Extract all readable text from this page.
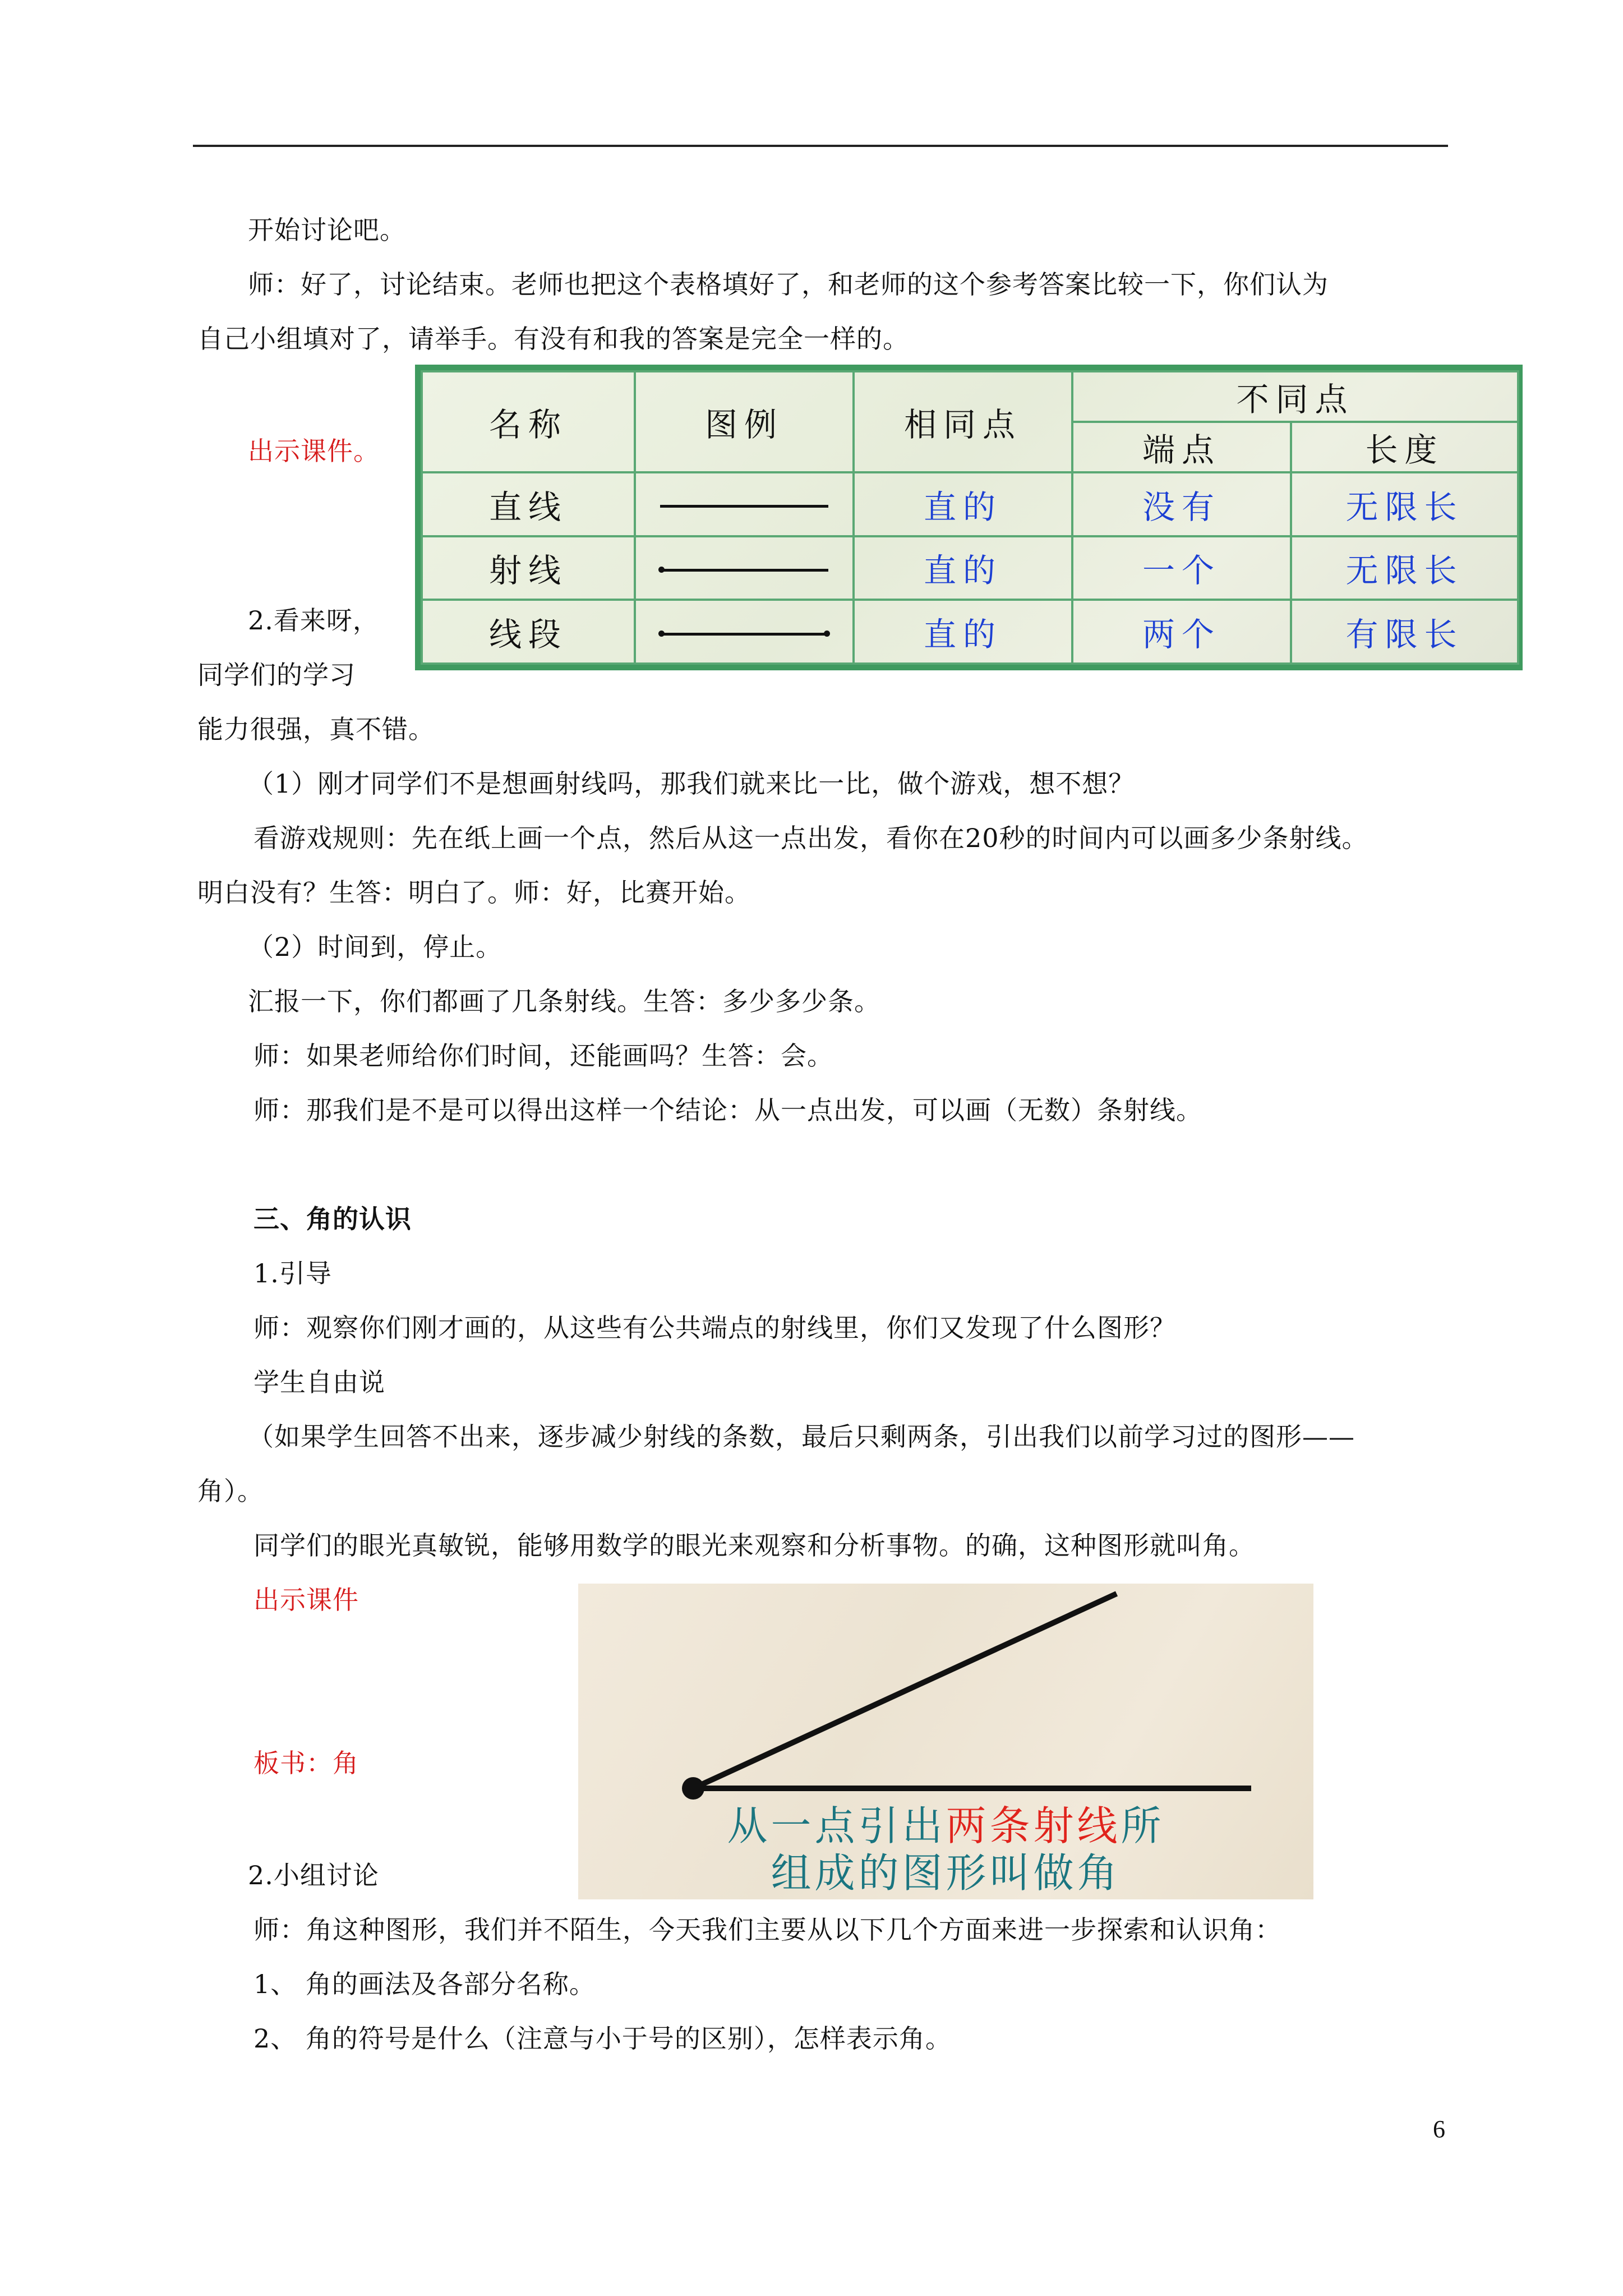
开始讨论吧。
师：好了，讨论结束。老师也把这个表格填好了，和老师的这个参考答案比较一下，你们认为
自己小组填对了，请举手。有没有和我的答案是完全一样的。
出示课件。
名称	图例	相同点	不同点	
			端点	长度
直线		直的	没有	无限长
射线		直的	一个	无限长
线段		直的	两个	有限长
2.看来呀，
同学们的学习
能力很强，真不错。
（1）刚才同学们不是想画射线吗，那我们就来比一比，做个游戏，想不想？
看游戏规则：先在纸上画一个点，然后从这一点出发，看你在20秒的时间内可以画多少条射线。
明白没有？生答：明白了。师：好，比赛开始。
（2）时间到，停止。
汇报一下，你们都画了几条射线。生答：多少多少条。
师：如果老师给你们时间，还能画吗？生答：会。
师：那我们是不是可以得出这样一个结论：从一点出发，可以画（无数）条射线。
三、角的认识
1.引导
师：观察你们刚才画的，从这些有公共端点的射线里，你们又发现了什么图形？
学生自由说
（如果学生回答不出来，逐步减少射线的条数，最后只剩两条，引出我们以前学习过的图形——
角）。
同学们的眼光真敏锐，能够用数学的眼光来观察和分析事物。的确，这种图形就叫角。
出示课件
板书：角
从一点引出两条射线所
组成的图形叫做角
2.小组讨论
师：角这种图形，我们并不陌生，今天我们主要从以下几个方面来进一步探索和认识角：
1、 角的画法及各部分名称。
2、 角的符号是什么（注意与小于号的区别），怎样表示角。
6
